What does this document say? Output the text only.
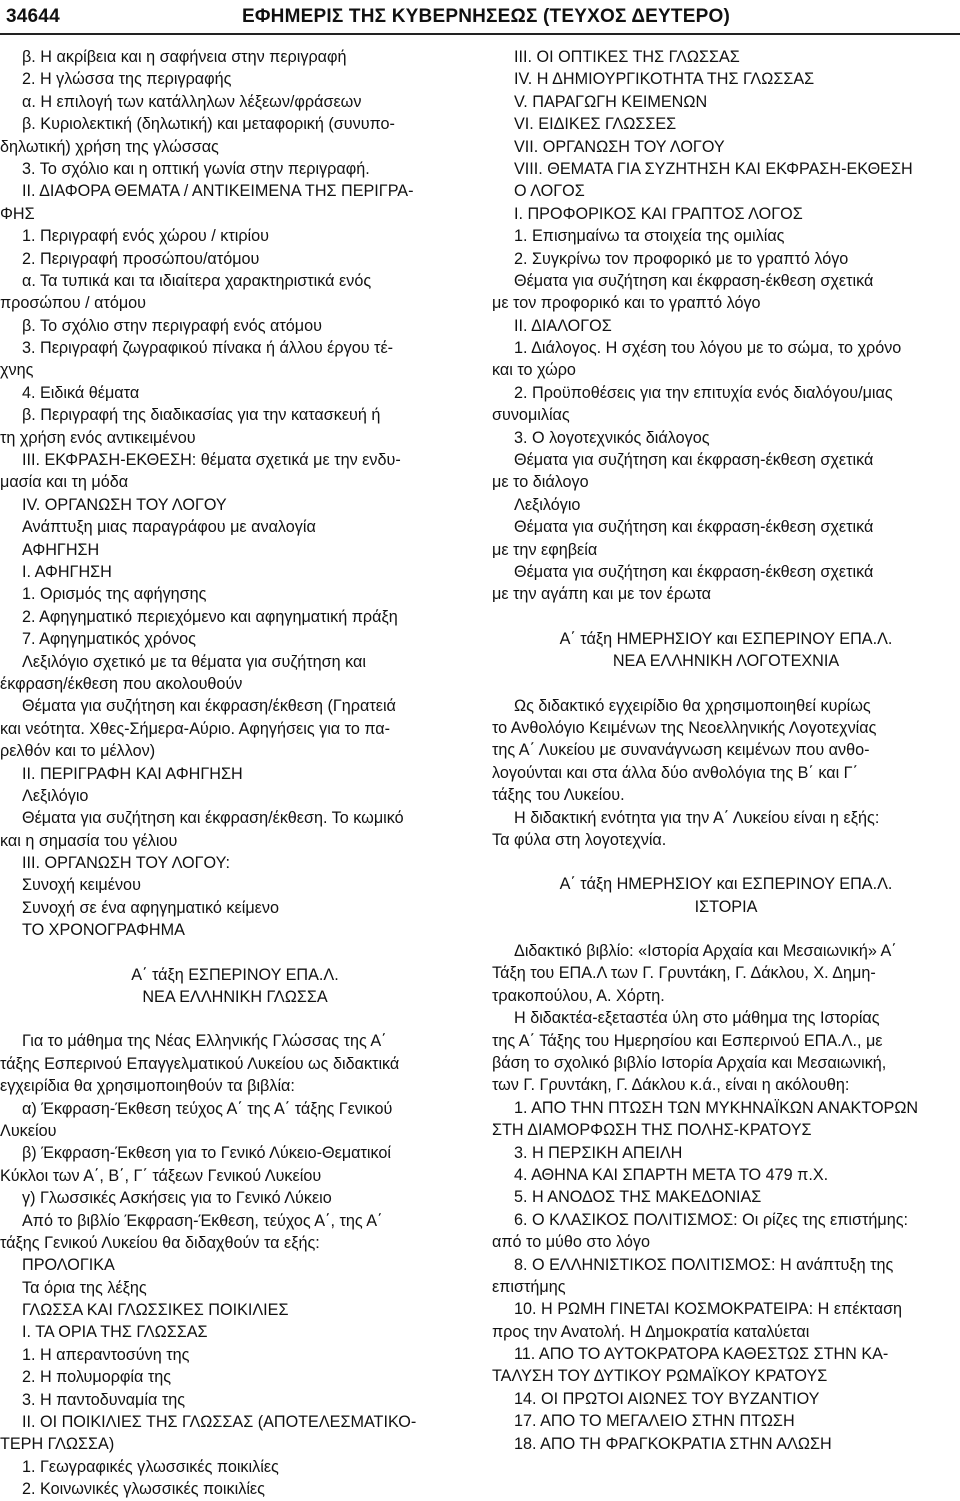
34644	ΕΦΗΜΕΡΙΣ ΤΗΣ ΚΥΒΕΡΝΗΣΕΩΣ (ΤΕΥΧΟΣ ΔΕΥΤΕΡΟ)
β. Η ακρίβεια και η σαφήνεια στην περιγραφή
2. Η γλώσσα της περιγραφής
α. Η επιλογή των κατάλληλων λέξεων/φράσεων
β. Κυριολεκτική (δηλωτική) και μεταφορική (συνυπο‐
δηλωτική) χρήση της γλώσσας
3. Το σχόλιο και η οπτική γωνία στην περιγραφή.
ΙΙ. ΔΙΑΦΟΡΑ ΘΕΜΑΤΑ / ΑΝΤΙΚΕΙΜΕΝΑ ΤΗΣ ΠΕΡΙΓΡΑ‐
ΦΗΣ
1. Περιγραφή ενός χώρου / κτιρίου
2. Περιγραφή προσώπου/ατόμου
α. Τα τυπικά και τα ιδιαίτερα χαρακτηριστικά ενός
προσώπου / ατόμου
β. Το σχόλιο στην περιγραφή ενός ατόμου
3. Περιγραφή ζωγραφικού πίνακα ή άλλου έργου τέ‐
χνης
4. Ειδικά θέματα
β. Περιγραφή της διαδικασίας για την κατασκευή ή
τη χρήση ενός αντικειμένου
ΙΙΙ. ΕΚΦΡΑΣΗ‐ΕΚΘΕΣΗ: θέματα σχετικά με την ενδυ‐
μασία και τη μόδα
ΙV. ΟΡΓΑΝΩΣΗ ΤΟΥ ΛΟΓΟΥ
Ανάπτυξη μιας παραγράφου με αναλογία
ΑΦΗΓΗΣΗ
Ι. ΑΦΗΓΗΣΗ
1. Ορισμός της αφήγησης
2. Αφηγηματικό περιεχόμενο και αφηγηματική πράξη
7. Αφηγηματικός χρόνος
Λεξιλόγιο σχετικό με τα θέματα για συζήτηση και
έκφραση/έκθεση που ακολουθούν
Θέματα για συζήτηση και έκφραση/έκθεση (Γηρατειά
και νεότητα. Χθες‐Σήμερα‐Αύριο. Αφηγήσεις για το πα‐
ρελθόν και το μέλλον)
ΙΙ. ΠΕΡΙΓΡΑΦΗ ΚΑΙ ΑΦΗΓΗΣΗ
Λεξιλόγιο
Θέματα για συζήτηση και έκφραση/έκθεση. Το κωμικό
και η σημασία του γέλιου
ΙΙΙ. ΟΡΓΑΝΩΣΗ ΤΟΥ ΛΟΓΟΥ:
Συνοχή κειμένου
Συνοχή σε ένα αφηγηματικό κείμενο
ΤΟ ΧΡΟΝΟΓΡΑΦΗΜΑ
Α΄ τάξη ΕΣΠΕΡΙΝΟΥ ΕΠΑ.Λ.
ΝΕΑ ΕΛΛΗΝΙΚΗ ΓΛΩΣΣΑ
Για το μάθημα της Νέας Ελληνικής Γλώσσας της Α΄
τάξης Εσπερινού Επαγγελματικού Λυκείου ως διδακτικά
εγχειρίδια θα χρησιμοποιηθούν τα βιβλία:
α) Έκφραση‐Έκθεση τεύχος Α΄ της Α΄ τάξης Γενικού
Λυκείου
β) Έκφραση‐Έκθεση για το Γενικό Λύκειο‐Θεματικοί
Κύκλοι των Α΄, Β΄, Γ΄ τάξεων Γενικού Λυκείου
γ) Γλωσσικές Ασκήσεις για το Γενικό Λύκειο
Από το βιβλίο Έκφραση‐Έκθεση, τεύχος Α΄, της Α΄
τάξης Γενικού Λυκείου θα διδαχθούν τα εξής:
ΠΡΟΛΟΓΙΚΑ
Τα όρια της λέξης
ΓΛΩΣΣΑ ΚΑΙ ΓΛΩΣΣΙΚΕΣ ΠΟΙΚΙΛΙΕΣ
Ι. ΤΑ ΟΡΙΑ ΤΗΣ ΓΛΩΣΣΑΣ
1. Η απεραντοσύνη της
2. Η πολυμορφία της
3. Η παντοδυναμία της
ΙΙ. ΟΙ ΠΟΙΚΙΛΙΕΣ ΤΗΣ ΓΛΩΣΣΑΣ (ΑΠΟΤΕΛΕΣΜΑΤΙΚΟ‐
ΤΕΡΗ ΓΛΩΣΣΑ)
1. Γεωγραφικές γλωσσικές ποικιλίες
2. Κοινωνικές γλωσσικές ποικιλίες
ΙΙΙ. ΟΙ ΟΠΤΙΚΕΣ ΤΗΣ ΓΛΩΣΣΑΣ
ΙV. Η ΔΗΜΙΟΥΡΓΙΚΟΤΗΤΑ ΤΗΣ ΓΛΩΣΣΑΣ
V. ΠΑΡΑΓΩΓΗ ΚΕΙΜΕΝΩΝ
VI. ΕΙΔΙΚΕΣ ΓΛΩΣΣΕΣ
VII. ΟΡΓΑΝΩΣΗ ΤΟΥ ΛΟΓΟΥ
VIII. ΘΕΜΑΤΑ ΓΙΑ ΣΥΖΗΤΗΣΗ ΚΑΙ ΕΚΦΡΑΣΗ‐ΕΚΘΕΣΗ
Ο ΛΟΓΟΣ
Ι. ΠΡΟΦΟΡΙΚΟΣ ΚΑΙ ΓΡΑΠΤΟΣ ΛΟΓΟΣ
1. Επισημαίνω τα στοιχεία της ομιλίας
2. Συγκρίνω τον προφορικό με το γραπτό λόγο
Θέματα για συζήτηση και έκφραση‐έκθεση σχετικά
με τον προφορικό και το γραπτό λόγο
ΙΙ. ΔΙΑΛΟΓΟΣ
1. Διάλογος. Η σχέση του λόγου με το σώμα, το χρόνο
και το χώρο
2. Προϋποθέσεις για την επιτυχία ενός διαλόγου/μιας
συνομιλίας
3. Ο λογοτεχνικός διάλογος
Θέματα για συζήτηση και έκφραση‐έκθεση σχετικά
με το διάλογο
Λεξιλόγιο
Θέματα για συζήτηση και έκφραση‐έκθεση σχετικά
με την εφηβεία
Θέματα για συζήτηση και έκφραση‐έκθεση σχετικά
με την αγάπη και με τον έρωτα
Α΄ τάξη ΗΜΕΡΗΣΙΟΥ και ΕΣΠΕΡΙΝΟΥ ΕΠΑ.Λ.
ΝΕΑ ΕΛΛΗΝΙΚΗ ΛΟΓΟΤΕΧΝΙΑ
Ως διδακτικό εγχειρίδιο θα χρησιμοποιηθεί κυρίως
το Ανθολόγιο Κειμένων της Νεοελληνικής Λογοτεχνίας
της Α΄ Λυκείου με συνανάγνωση κειμένων που ανθο‐
λογούνται και στα άλλα δύο ανθολόγια της Β΄ και Γ΄
τάξης του Λυκείου.
Η διδακτική ενότητα για την Α΄ Λυκείου είναι η εξής:
Τα φύλα στη λογοτεχνία.
Α΄ τάξη ΗΜΕΡΗΣΙΟΥ και ΕΣΠΕΡΙΝΟΥ ΕΠΑ.Λ.
ΙΣΤΟΡΙΑ
Διδακτικό βιβλίο: «Ιστορία Αρχαία και Μεσαιωνική» Α΄
Τάξη του ΕΠΑ.Λ των Γ. Γρυντάκη, Γ. Δάκλου, Χ. Δημη‐
τρακοπούλου, Α. Χόρτη.
Η διδακτέα‐εξεταστέα ύλη στο μάθημα της Ιστορίας
της Α΄ Τάξης του Ημερησίου και Εσπερινού ΕΠΑ.Λ., με
βάση το σχολικό βιβλίο Ιστορία Αρχαία και Μεσαιωνική,
των Γ. Γρυντάκη, Γ. Δάκλου κ.ά., είναι η ακόλουθη:
1. ΑΠΟ ΤΗΝ ΠΤΩΣΗ ΤΩΝ ΜΥΚΗΝΑΪΚΩΝ ΑΝΑΚΤΟΡΩΝ
ΣΤΗ ΔΙΑΜΟΡΦΩΣΗ ΤΗΣ ΠΟΛΗΣ‐ΚΡΑΤΟΥΣ
3. Η ΠΕΡΣΙΚΗ ΑΠΕΙΛΗ
4. ΑΘΗΝΑ ΚΑΙ ΣΠΑΡΤΗ ΜΕΤΑ ΤΟ 479 π.Χ.
5. Η ΑΝΟΔΟΣ ΤΗΣ ΜΑΚΕΔΟΝΙΑΣ
6. Ο ΚΛΑΣΙΚΟΣ ΠΟΛΙΤΙΣΜΟΣ: Οι ρίζες της επιστήμης:
από το μύθο στο λόγο
8. Ο ΕΛΛΗΝΙΣΤΙΚΟΣ ΠΟΛΙΤΙΣΜΟΣ: Η ανάπτυξη της
επιστήμης
10. Η ΡΩΜΗ ΓΙΝΕΤΑΙ ΚΟΣΜΟΚΡΑΤΕΙΡΑ: Η επέκταση
προς την Ανατολή. Η Δημοκρατία καταλύεται
11. ΑΠΟ ΤΟ ΑΥΤΟΚΡΑΤΟΡΑ ΚΑΘΕΣΤΩΣ ΣΤΗΝ ΚΑ‐
ΤΑΛΥΣΗ ΤΟΥ ΔΥΤΙΚΟΥ ΡΩΜΑΪΚΟΥ ΚΡΑΤΟΥΣ
14. ΟΙ ΠΡΩΤΟΙ ΑΙΩΝΕΣ ΤΟΥ ΒΥΖΑΝΤΙΟΥ
17. ΑΠΟ ΤΟ ΜΕΓΑΛΕΙΟ ΣΤΗΝ ΠΤΩΣΗ
18. ΑΠΟ ΤΗ ΦΡΑΓΚΟΚΡΑΤΙΑ ΣΤΗΝ ΑΛΩΣΗ
